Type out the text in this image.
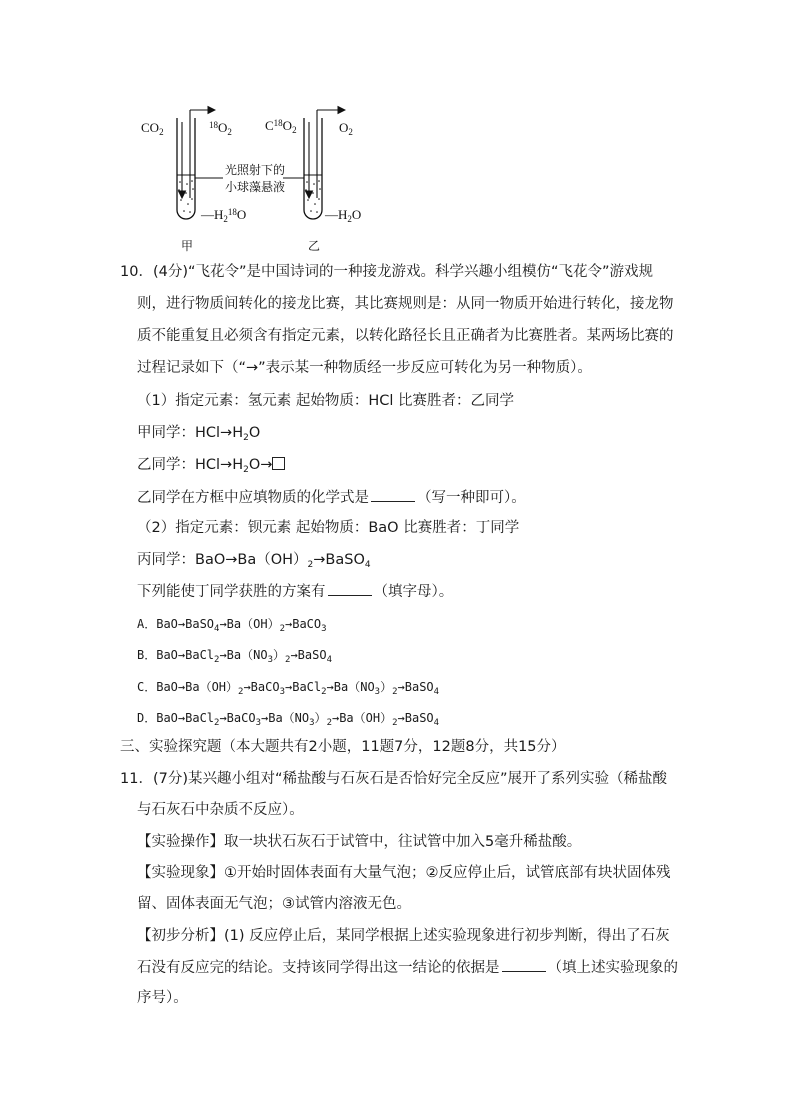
$CO_2$
$^{18}O_2$	$C^{18}O_2$	$O_2$
光照射下的
小球藻悬液
$—H_2^{18}O$	$—H_2O$
甲	乙
10．(4分)“飞花令”是中国诗词的一种接龙游戏。科学兴趣小组模仿“飞花令”游戏规
则，进行物质间转化的接龙比赛，其比赛规则是：从同一物质开始进行转化，接龙物
质不能重复且必须含有指定元素，以转化路径长且正确者为比赛胜者。某两场比赛的
过程记录如下（“→”表示某一种物质经一步反应可转化为另一种物质）。
（1）指定元素：氢元素 起始物质：HCl 比赛胜者：乙同学
甲同学：$HCl\to H_2O$
乙同学：$HCl\to H_2O\to$
乙同学在方框中应填物质的化学式是	（写一种即可）。
（2）指定元素：钡元素 起始物质：BaO 比赛胜者：丁同学
丙同学：$BaO\to Ba(OH)_2\to BaSO_4$
下列能使丁同学获胜的方案有	（填字母）。
A．$BaO\to BaSO_4\to Ba(OH)_2\to BaCO_3$
B．$BaO\to BaCl_2\to Ba(NO_3)_2\to BaSO_4$
C．$BaO\to Ba(OH)_2\to BaCO_3\to BaCl_2\to Ba(NO_3)_2\to BaSO_4$
D．$BaO\to BaCl_2\to BaCO_3\to Ba(NO_3)_2\to Ba(OH)_2\to BaSO_4$
三、实验探究题（本大题共有2小题，11题7分，12题8分，共15分）
11．(7分)某兴趣小组对“稀盐酸与石灰石是否恰好完全反应”展开了系列实验（稀盐酸
与石灰石中杂质不反应）。
【实验操作】取一块状石灰石于试管中，往试管中加入5毫升稀盐酸。
【实验现象】①开始时固体表面有大量气泡；②反应停止后，试管底部有块状固体残
留、固体表面无气泡；③试管内溶液无色。
【初步分析】(1) 反应停止后，某同学根据上述实验现象进行初步判断，得出了石灰
石没有反应完的结论。支持该同学得出这一结论的依据是	（填上述实验现象的
序号）。
